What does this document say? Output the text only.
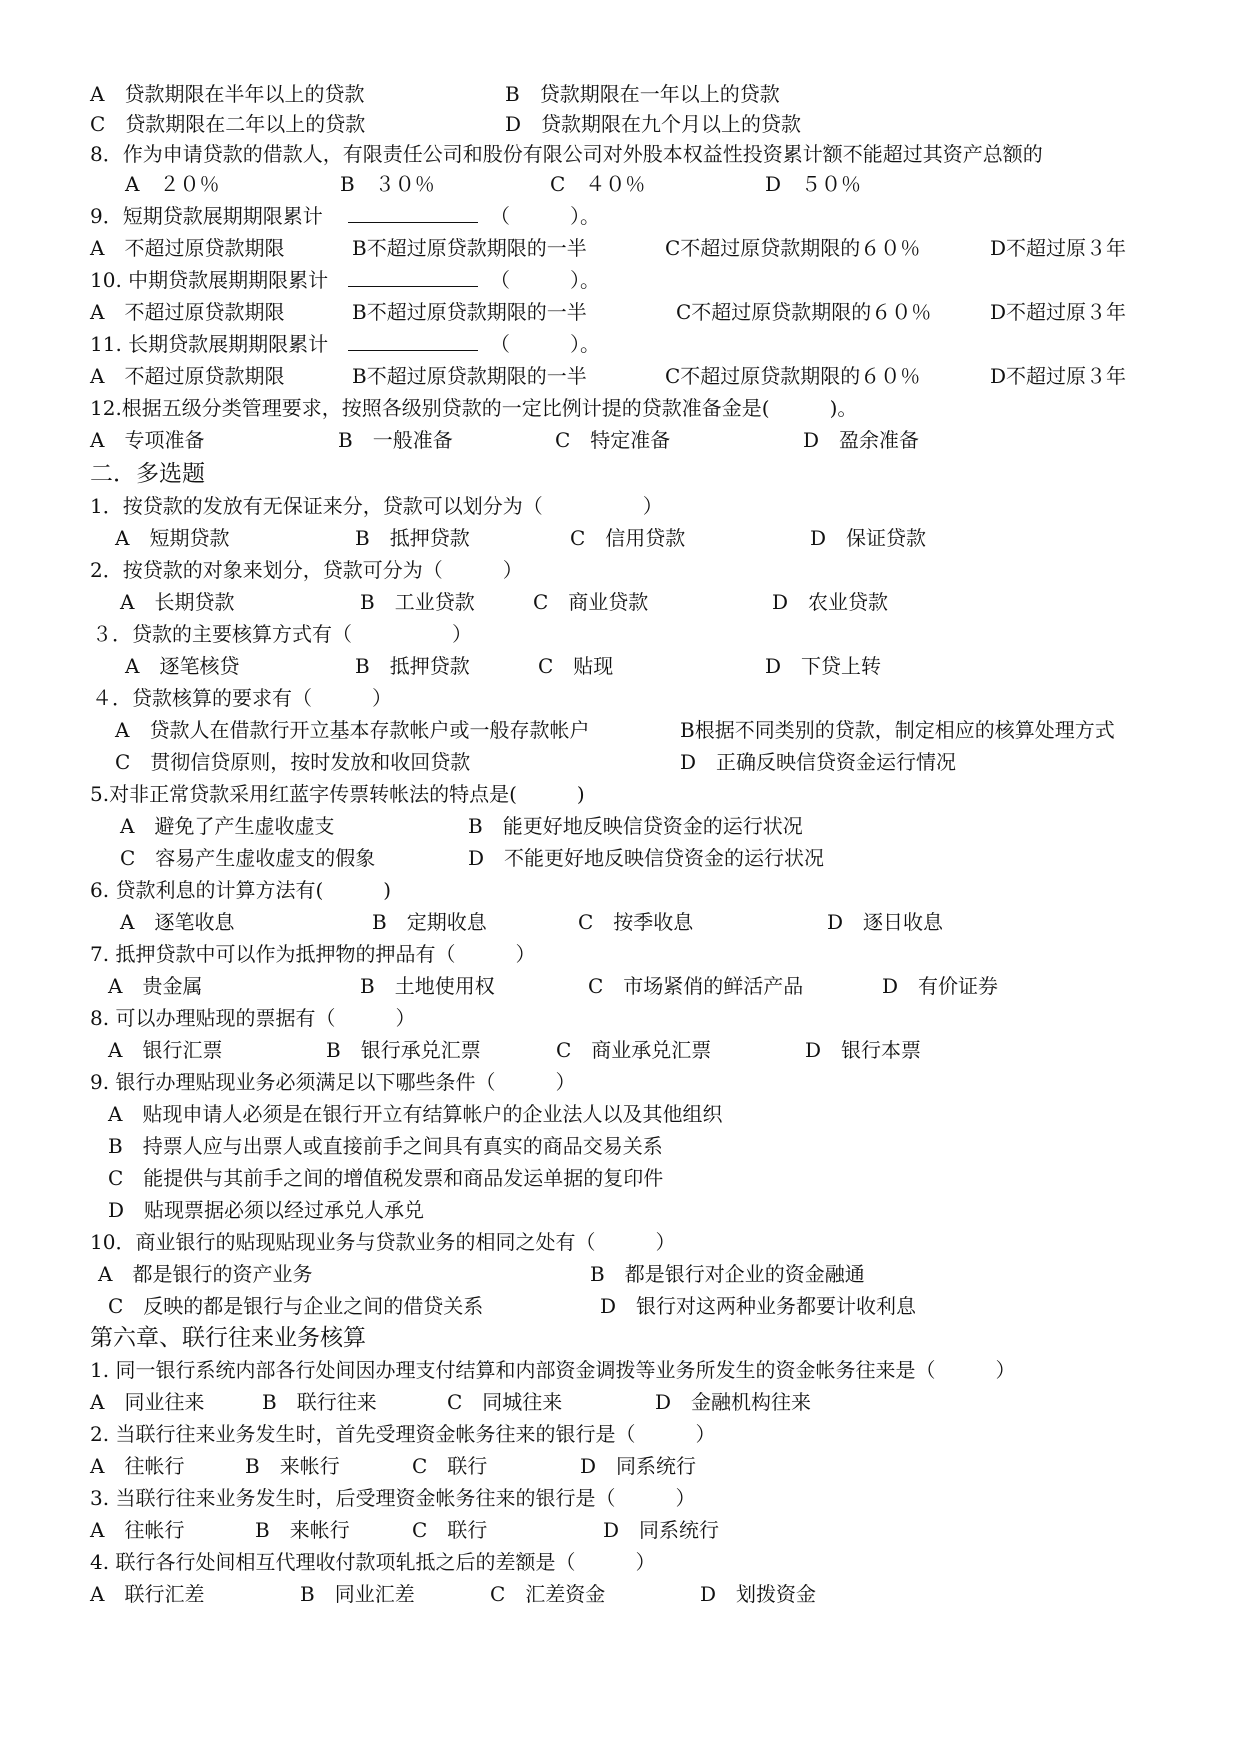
A　贷款期限在半年以上的贷款	B　贷款期限在一年以上的贷款
C　贷款期限在二年以上的贷款	D　贷款期限在九个月以上的贷款
8．作为申请贷款的借款人，有限责任公司和股份有限公司对外股本权益性投资累计额不能超过其资产总额的
A　２０％	B　３０％	C　４０％	D　５０％
9．短期贷款展期期限累计	（　　　）。
A　不超过原贷款期限	B不超过原贷款期限的一半	C不超过原贷款期限的６０％	D不超过原３年
10. 中期贷款展期期限累计	（　　　）。
A　不超过原贷款期限	B不超过原贷款期限的一半	C不超过原贷款期限的６０％	D不超过原３年
11. 长期贷款展期期限累计	（　　　）。
A　不超过原贷款期限	B不超过原贷款期限的一半	C不超过原贷款期限的６０％	D不超过原３年
12.根据五级分类管理要求，按照各级别贷款的一定比例计提的贷款准备金是(　　　)。
A　专项准备	B　一般准备	C　特定准备	D　盈余准备
二．多选题
1．按贷款的发放有无保证来分，贷款可以划分为（　　　　　）
A　短期贷款	B　抵押贷款	C　信用贷款	D　保证贷款
2．按贷款的对象来划分，贷款可分为（　　　）
A　长期贷款	B　工业贷款	C　商业贷款	D　农业贷款
３．贷款的主要核算方式有（　　　　　）
A　逐笔核贷	B　抵押贷款	C　贴现	D　下贷上转
４．贷款核算的要求有（　　　）
A　贷款人在借款行开立基本存款帐户或一般存款帐户	B根据不同类别的贷款，制定相应的核算处理方式
C　贯彻信贷原则，按时发放和收回贷款	D　正确反映信贷资金运行情况
5.对非正常贷款采用红蓝字传票转帐法的特点是(　　　)
A　避免了产生虚收虚支	B　能更好地反映信贷资金的运行状况
C　容易产生虚收虚支的假象	D　不能更好地反映信贷资金的运行状况
6. 贷款利息的计算方法有(　　　)
A　逐笔收息	B　定期收息	C　按季收息	D　逐日收息
7. 抵押贷款中可以作为抵押物的押品有（　　　）
A　贵金属	B　土地使用权	C　市场紧俏的鲜活产品	D　有价证券
8. 可以办理贴现的票据有（　　　）
A　银行汇票	B　银行承兑汇票	C　商业承兑汇票	D　银行本票
9. 银行办理贴现业务必须满足以下哪些条件（　　　）
A　贴现申请人必须是在银行开立有结算帐户的企业法人以及其他组织
B　持票人应与出票人或直接前手之间具有真实的商品交易关系
C　能提供与其前手之间的增值税发票和商品发运单据的复印件
D　贴现票据必须以经过承兑人承兑
10．商业银行的贴现贴现业务与贷款业务的相同之处有（　　　）
A　都是银行的资产业务	B　都是银行对企业的资金融通
C　反映的都是银行与企业之间的借贷关系	D　银行对这两种业务都要计收利息
第六章、联行往来业务核算
1. 同一银行系统内部各行处间因办理支付结算和内部资金调拨等业务所发生的资金帐务往来是（　　　）
A　同业往来	B　联行往来	C　同城往来	D　金融机构往来
2. 当联行往来业务发生时，首先受理资金帐务往来的银行是（　　　）
A　往帐行	B　来帐行	C　联行	D　同系统行
3. 当联行往来业务发生时，后受理资金帐务往来的银行是（　　　）
A　往帐行	B　来帐行	C　联行	D　同系统行
4. 联行各行处间相互代理收付款项轧抵之后的差额是（　　　）
A　联行汇差	B　同业汇差	C　汇差资金	D　划拨资金
